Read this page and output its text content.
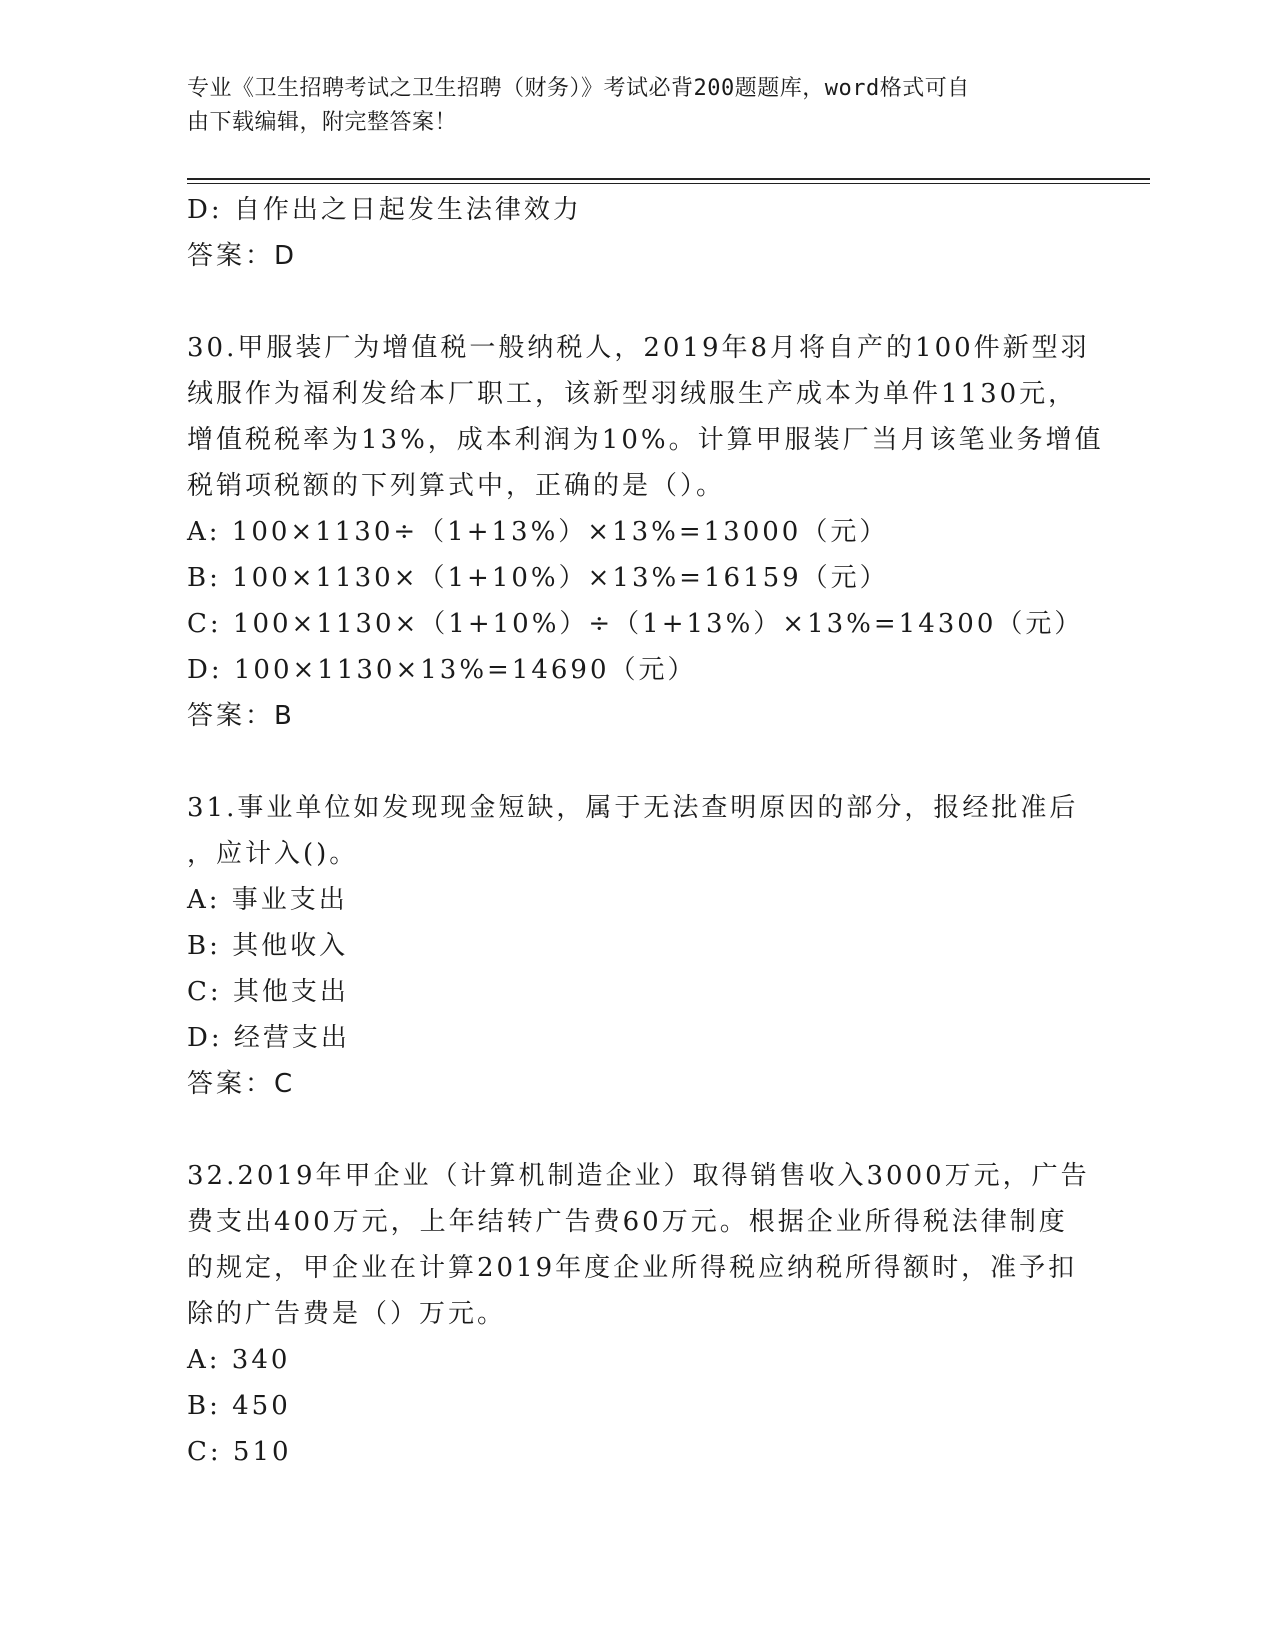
专业《卫生招聘考试之卫生招聘（财务）》考试必背200题题库，word格式可自
由下载编辑，附完整答案！
D: 自作出之日起发生法律效力
答案：D
30.甲服装厂为增值税一般纳税人，2019年8月将自产的100件新型羽
绒服作为福利发给本厂职工，该新型羽绒服生产成本为单件1130元，
增值税税率为13%，成本利润为10%。计算甲服装厂当月该笔业务增值
税销项税额的下列算式中，正确的是（）。
A: 100×1130÷（1+13%）×13%=13000（元）
B: 100×1130×（1+10%）×13%=16159（元）
C: 100×1130×（1+10%）÷（1+13%）×13%=14300（元）
D: 100×1130×13%=14690（元）
答案：B
31.事业单位如发现现金短缺，属于无法查明原因的部分，报经批准后
，应计入()。
A: 事业支出
B: 其他收入
C: 其他支出
D: 经营支出
答案：C
32.2019年甲企业（计算机制造企业）取得销售收入3000万元，广告
费支出400万元，上年结转广告费60万元。根据企业所得税法律制度
的规定，甲企业在计算2019年度企业所得税应纳税所得额时，准予扣
除的广告费是（）万元。
A: 340
B: 450
C: 510
